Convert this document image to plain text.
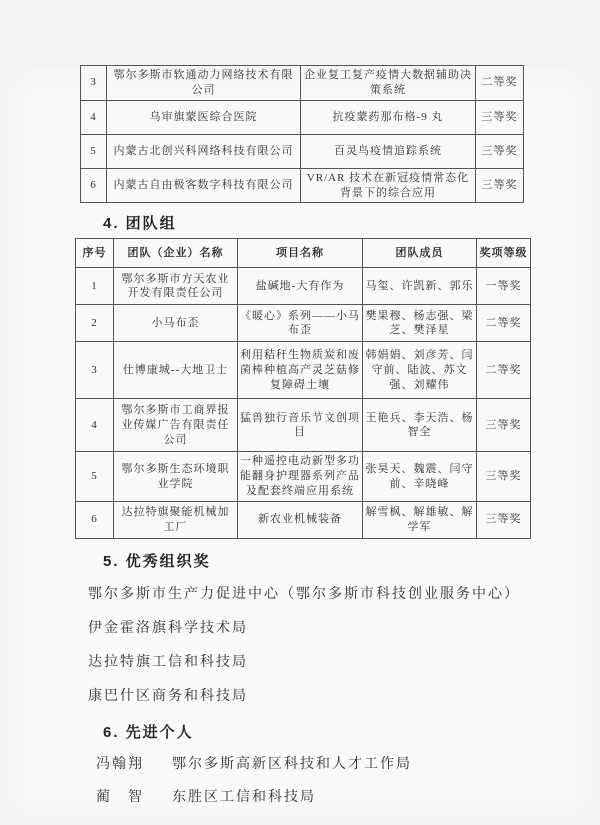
3	鄂尔多斯市软通动力网络技术有限公司	企业复工复产疫情大数据辅助决策系统	二等奖
4	乌审旗蒙医综合医院	抗疫蒙药那布格-9 丸	三等奖
5	内蒙古北创兴科网络科技有限公司	百灵鸟疫情追踪系统	三等奖
6	内蒙古自由极客数字科技有限公司	VR/AR 技术在新冠疫情常态化背景下的综合应用	三等奖
4. 团队组
序号	团队（企业）名称	项目名称	团队成员	奖项等级
1	鄂尔多斯市方天农业开发有限责任公司	盐碱地-大有作为	马玺、许凯新、郭乐	一等奖
2	小马布歪	《暖心》系列——小马布歪	樊果穆、杨志强、梁芝、樊泽星	二等奖
3	仕博康城--大地卫士	利用秸秆生物质炭和废菌棒种植高产灵芝菇修复障碍土壤	韩娟娟、刘彦芳、闫守前、陆波、苏文强、刘耀伟	二等奖
4	鄂尔多斯市工商界报业传媒广告有限责任公司	猛兽独行音乐节文创项目	王艳兵、李天浩、杨智全	三等奖
5	鄂尔多斯生态环境职业学院	一种遥控电动新型多功能翻身护理器系列产品及配套终端应用系统	张昊天、魏震、闫守前、辛晓峰	三等奖
6	达拉特旗聚能机械加工厂	新农业机械装备	解雪枫、解雄敏、解学军	三等奖
5. 优秀组织奖
鄂尔多斯市生产力促进中心（鄂尔多斯市科技创业服务中心）
伊金霍洛旗科学技术局
达拉特旗工信和科技局
康巴什区商务和科技局
6. 先进个人
冯翰翔 鄂尔多斯高新区科技和人才工作局
蔺　智 东胜区工信和科技局
